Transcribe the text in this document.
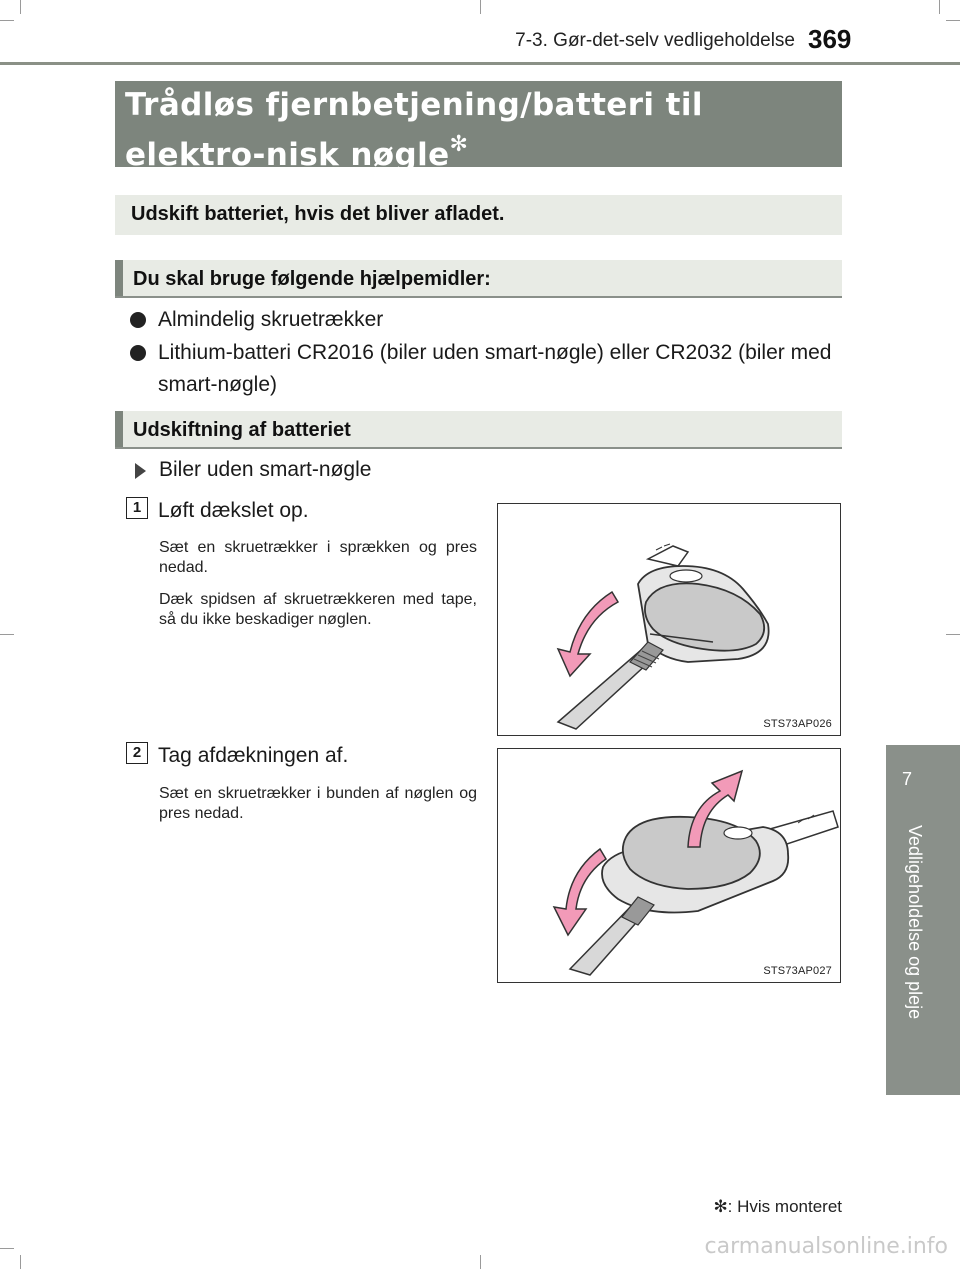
7-3. Gør-det-selv vedligeholdelse 369
7
Vedligeholdelse og pleje
Trådløs fjernbetjening/batteri til elektro-nisk nøgle✻
Udskift batteriet, hvis det bliver afladet.
Du skal bruge følgende hjælpemidler:
Almindelig skruetrækker
Lithium-batteri CR2016 (biler uden smart-nøgle) eller CR2032 (biler med smart-nøgle)
Udskiftning af batteriet
Biler uden smart-nøgle
1 Løft dækslet op.
Sæt en skruetrækker i sprækken og pres nedad.
Dæk spidsen af skruetrækkeren med tape, så du ikke beskadiger nøglen.
STS73AP026
2 Tag afdækningen af.
Sæt en skruetrækker i bunden af nøglen og pres nedad.
STS73AP027
✻: Hvis monteret
carmanualsonline.info
